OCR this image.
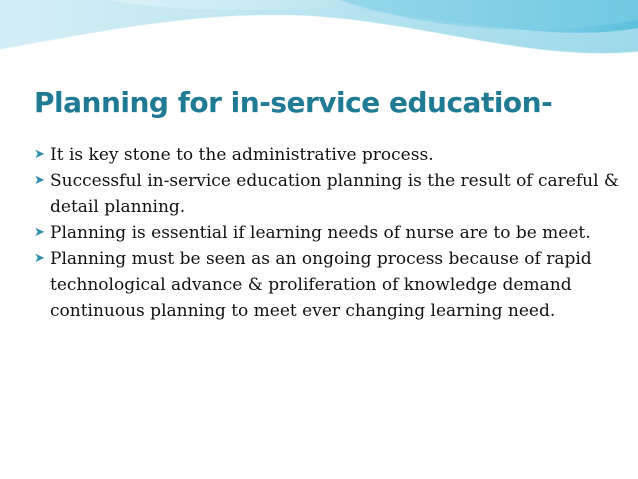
Planning for in-service education-
➤ It is key stone to the administrative process.
➤ Successful in-service education planning is the result of careful & detail planning.
➤ Planning is essential if learning needs of nurse are to be meet.
➤ Planning must be seen as an ongoing process because of rapid technological advance & proliferation of knowledge demand continuous planning to meet ever changing learning need.
